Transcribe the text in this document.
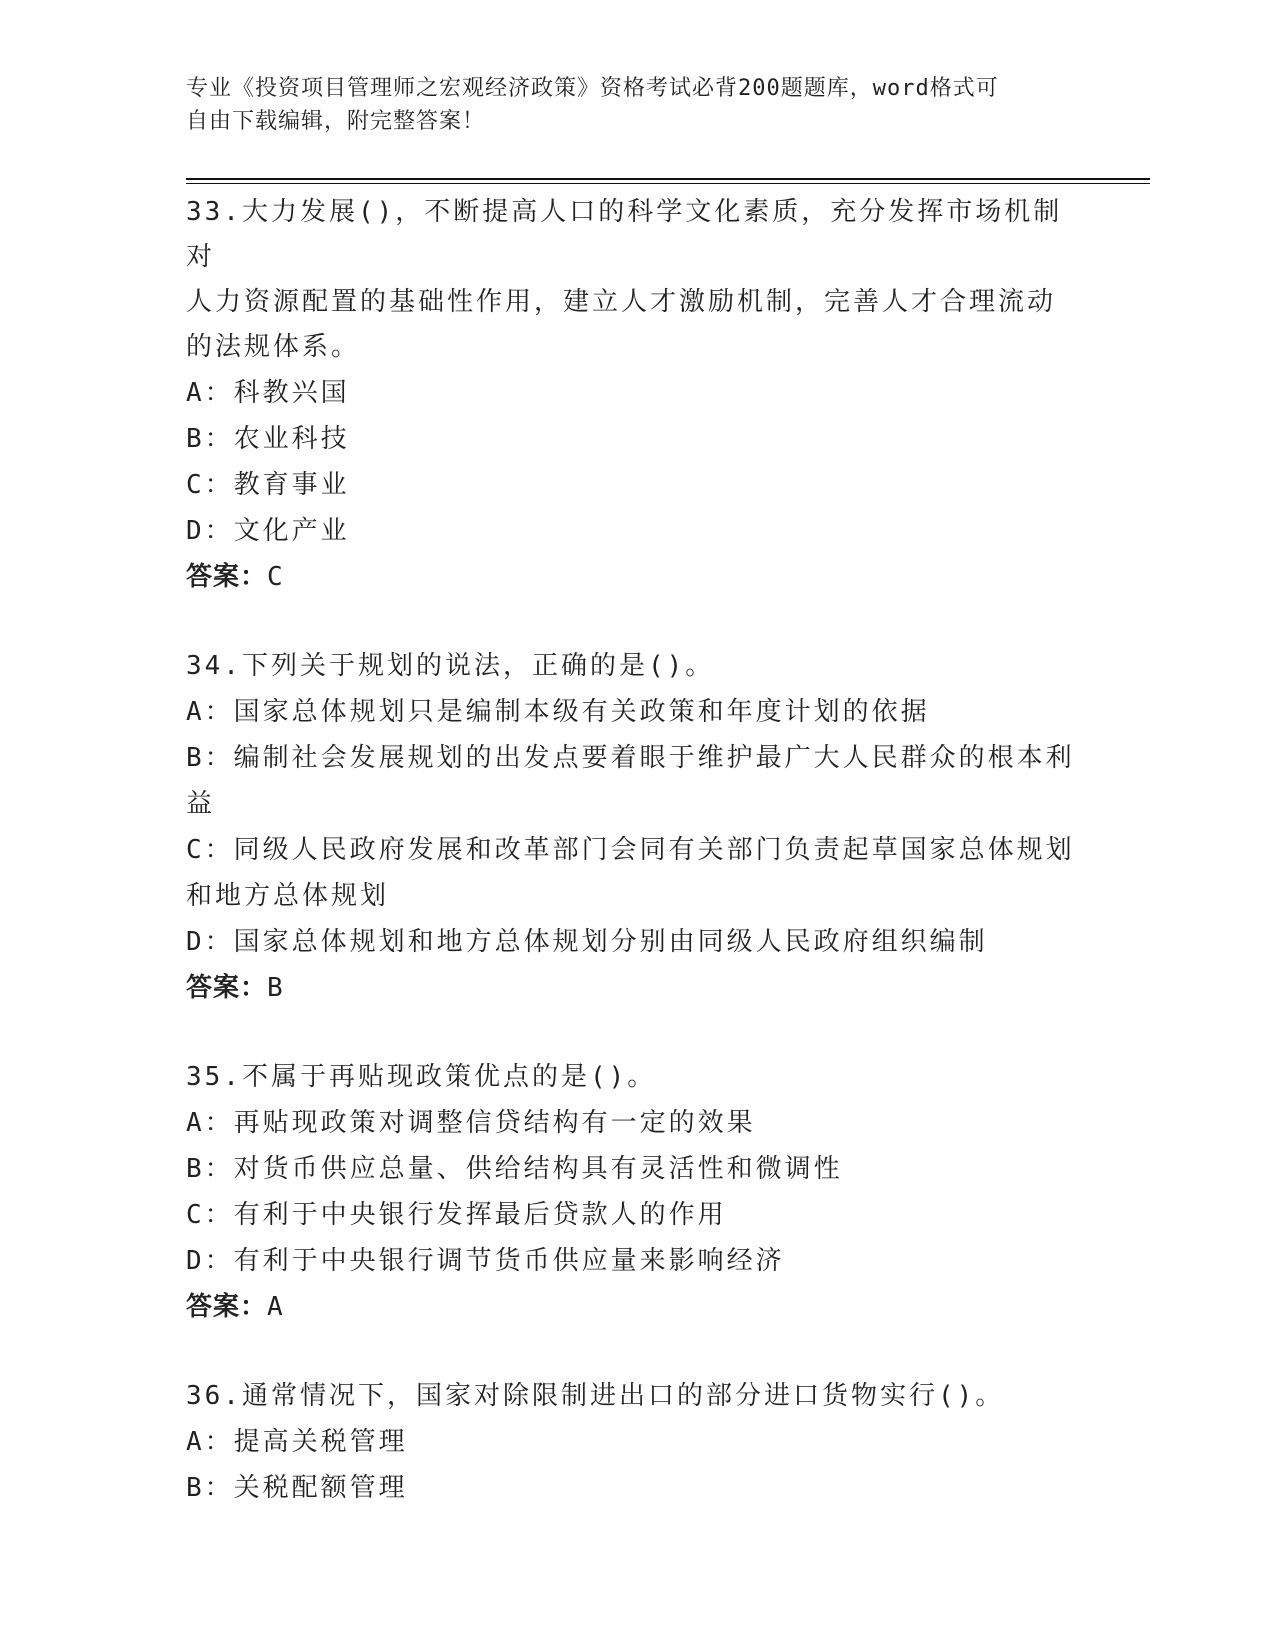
专业《投资项目管理师之宏观经济政策》资格考试必背200题题库，word格式可
自由下载编辑，附完整答案！
33.大力发展()，不断提高人口的科学文化素质，充分发挥市场机制对
人力资源配置的基础性作用，建立人才激励机制，完善人才合理流动
的法规体系。
A：科教兴国
B：农业科技
C：教育事业
D：文化产业
答案：C
34.下列关于规划的说法，正确的是()。
A：国家总体规划只是编制本级有关政策和年度计划的依据
B：编制社会发展规划的出发点要着眼于维护最广大人民群众的根本利
益
C：同级人民政府发展和改革部门会同有关部门负责起草国家总体规划
和地方总体规划
D：国家总体规划和地方总体规划分别由同级人民政府组织编制
答案：B
35.不属于再贴现政策优点的是()。
A：再贴现政策对调整信贷结构有一定的效果
B：对货币供应总量、供给结构具有灵活性和微调性
C：有利于中央银行发挥最后贷款人的作用
D：有利于中央银行调节货币供应量来影响经济
答案：A
36.通常情况下，国家对除限制进出口的部分进口货物实行()。
A：提高关税管理
B：关税配额管理
